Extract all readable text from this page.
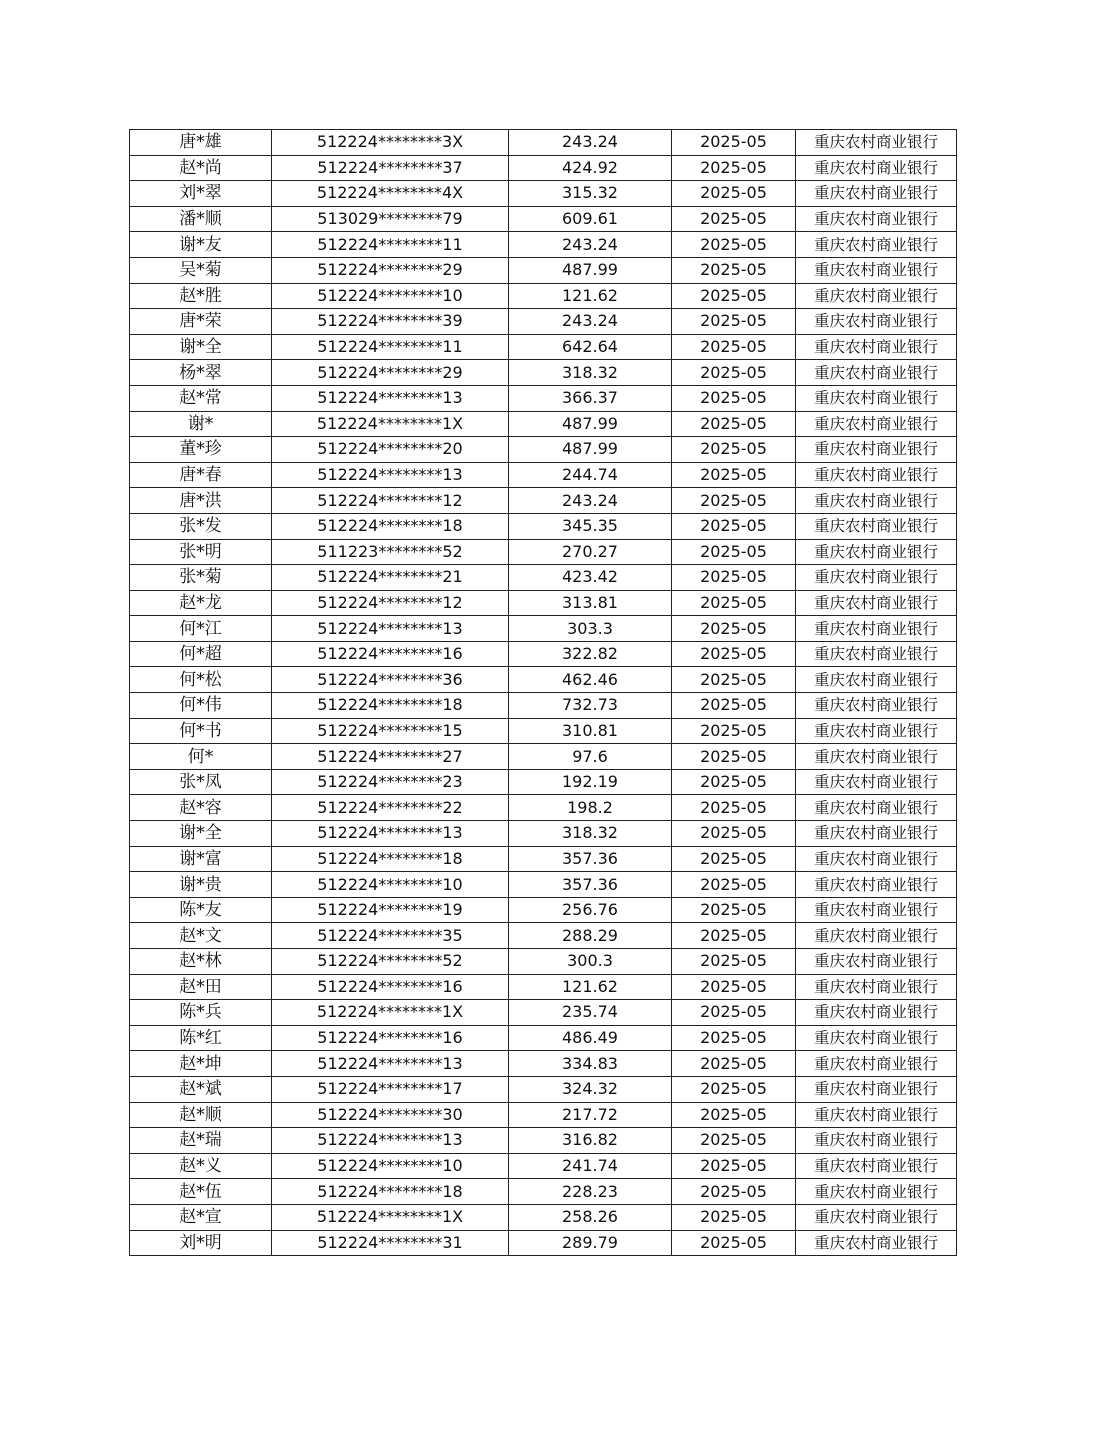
唐*雄	512224********3X	243.24	2025-05	重庆农村商业银行
赵*尚	512224********37	424.92	2025-05	重庆农村商业银行
刘*翠	512224********4X	315.32	2025-05	重庆农村商业银行
潘*顺	513029********79	609.61	2025-05	重庆农村商业银行
谢*友	512224********11	243.24	2025-05	重庆农村商业银行
吴*菊	512224********29	487.99	2025-05	重庆农村商业银行
赵*胜	512224********10	121.62	2025-05	重庆农村商业银行
唐*荣	512224********39	243.24	2025-05	重庆农村商业银行
谢*全	512224********11	642.64	2025-05	重庆农村商业银行
杨*翠	512224********29	318.32	2025-05	重庆农村商业银行
赵*常	512224********13	366.37	2025-05	重庆农村商业银行
谢*	512224********1X	487.99	2025-05	重庆农村商业银行
董*珍	512224********20	487.99	2025-05	重庆农村商业银行
唐*春	512224********13	244.74	2025-05	重庆农村商业银行
唐*洪	512224********12	243.24	2025-05	重庆农村商业银行
张*发	512224********18	345.35	2025-05	重庆农村商业银行
张*明	511223********52	270.27	2025-05	重庆农村商业银行
张*菊	512224********21	423.42	2025-05	重庆农村商业银行
赵*龙	512224********12	313.81	2025-05	重庆农村商业银行
何*江	512224********13	303.3	2025-05	重庆农村商业银行
何*超	512224********16	322.82	2025-05	重庆农村商业银行
何*松	512224********36	462.46	2025-05	重庆农村商业银行
何*伟	512224********18	732.73	2025-05	重庆农村商业银行
何*书	512224********15	310.81	2025-05	重庆农村商业银行
何*	512224********27	97.6	2025-05	重庆农村商业银行
张*凤	512224********23	192.19	2025-05	重庆农村商业银行
赵*容	512224********22	198.2	2025-05	重庆农村商业银行
谢*全	512224********13	318.32	2025-05	重庆农村商业银行
谢*富	512224********18	357.36	2025-05	重庆农村商业银行
谢*贵	512224********10	357.36	2025-05	重庆农村商业银行
陈*友	512224********19	256.76	2025-05	重庆农村商业银行
赵*文	512224********35	288.29	2025-05	重庆农村商业银行
赵*林	512224********52	300.3	2025-05	重庆农村商业银行
赵*田	512224********16	121.62	2025-05	重庆农村商业银行
陈*兵	512224********1X	235.74	2025-05	重庆农村商业银行
陈*红	512224********16	486.49	2025-05	重庆农村商业银行
赵*坤	512224********13	334.83	2025-05	重庆农村商业银行
赵*斌	512224********17	324.32	2025-05	重庆农村商业银行
赵*顺	512224********30	217.72	2025-05	重庆农村商业银行
赵*瑞	512224********13	316.82	2025-05	重庆农村商业银行
赵*义	512224********10	241.74	2025-05	重庆农村商业银行
赵*伍	512224********18	228.23	2025-05	重庆农村商业银行
赵*宣	512224********1X	258.26	2025-05	重庆农村商业银行
刘*明	512224********31	289.79	2025-05	重庆农村商业银行
